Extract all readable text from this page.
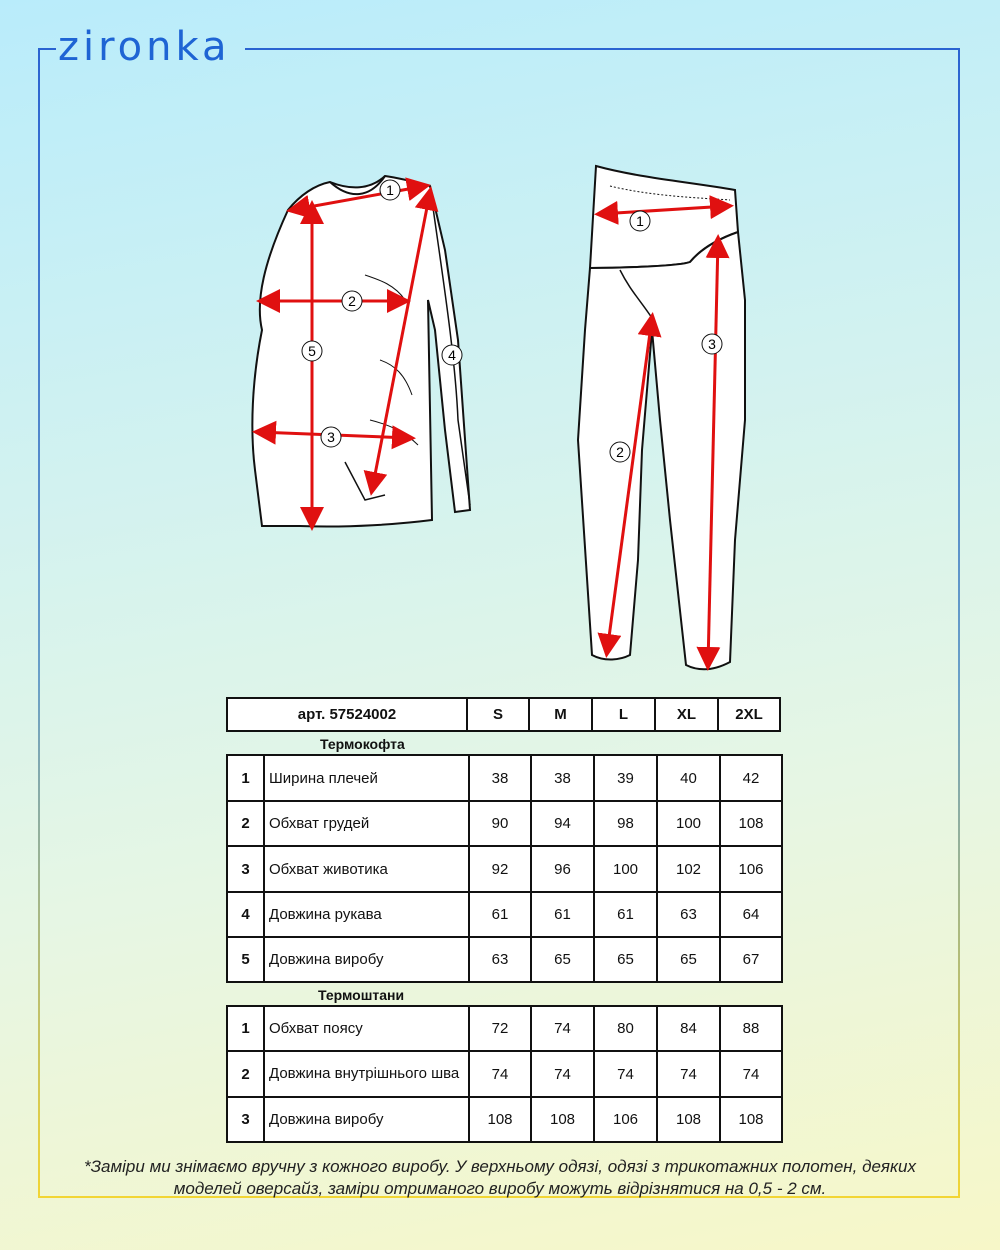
zironka
1
2
3
4
5
1
2
3
арт. 57524002	S	M	L	XL	2XL
Термокофта
1	Ширина плечей	38	38	39	40	42
2	Обхват грудей	90	94	98	100	108
3	Обхват животика	92	96	100	102	106
4	Довжина рукава	61	61	61	63	64
5	Довжина виробу	63	65	65	65	67
Термоштани
1	Обхват поясу	72	74	80	84	88
2	Довжина внутрішнього шва	74	74	74	74	74
3	Довжина виробу	108	108	106	108	108
*Заміри ми знімаємо вручну з кожного виробу. У верхньому одязі, одязі з трикотажних полотен, деяких моделей оверсайз, заміри отриманого виробу можуть відрізнятися на 0,5 - 2 см.
